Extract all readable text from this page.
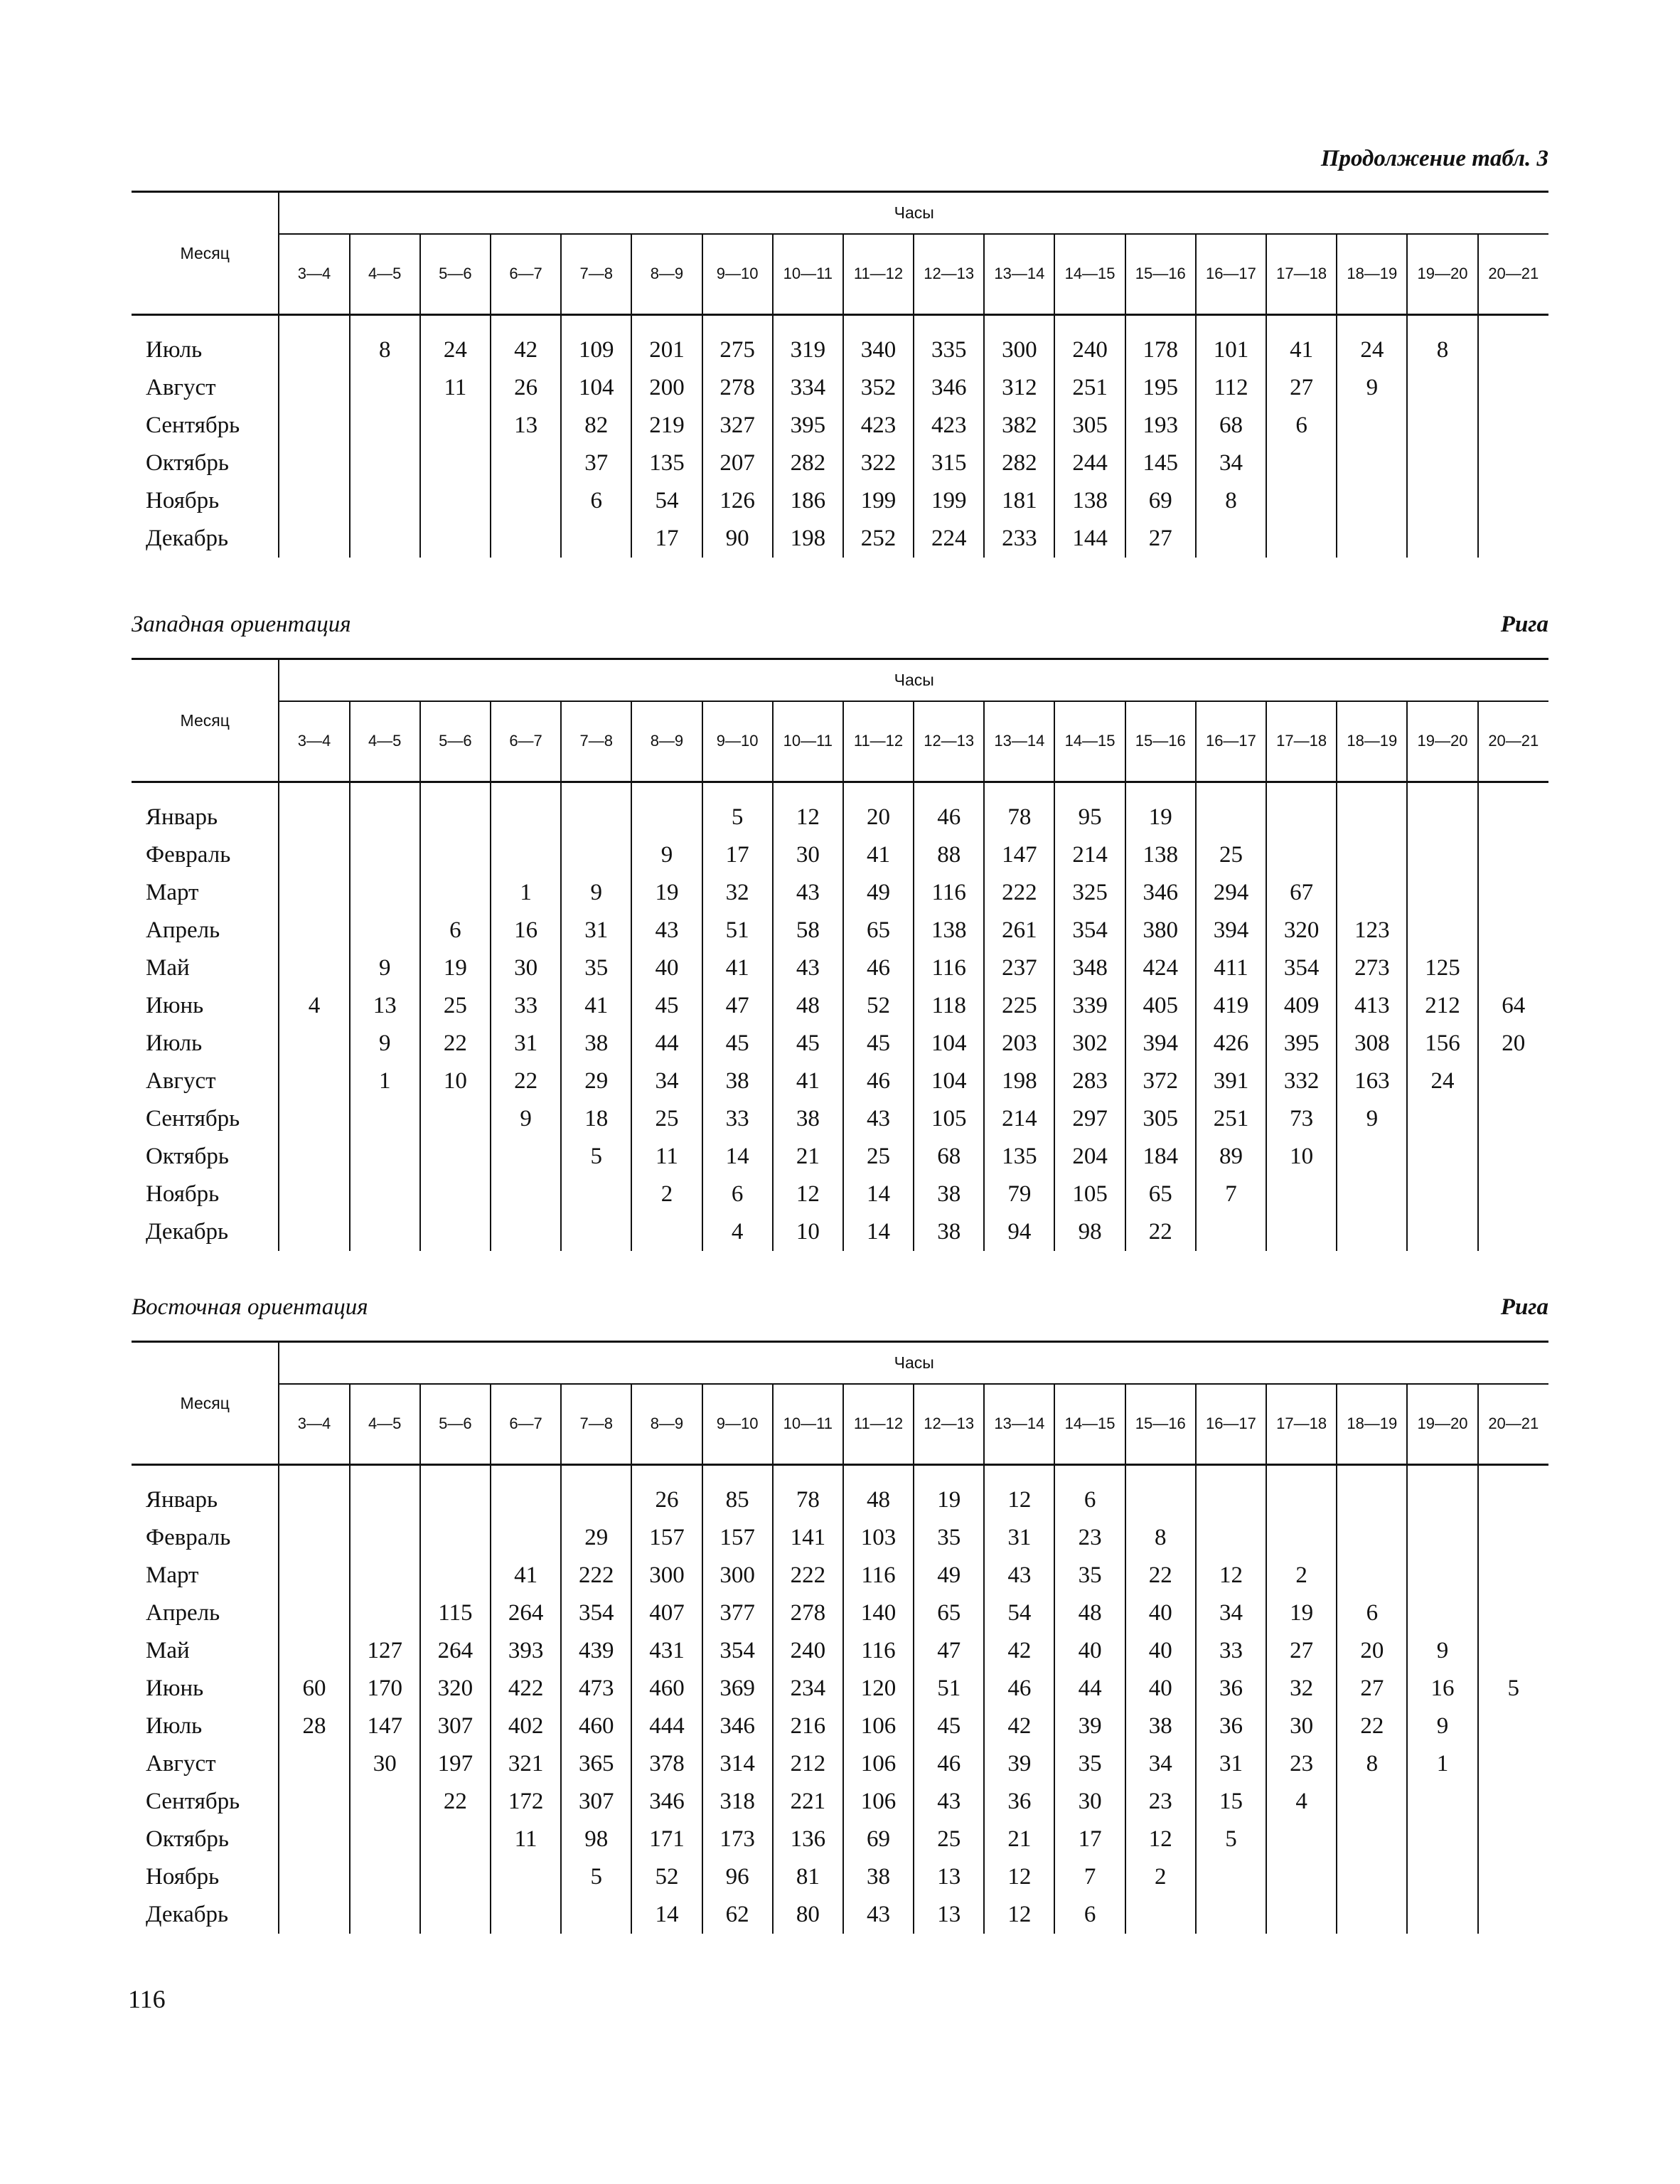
Продолжение табл. 3
Месяц	Часы																	
	3—4	4—5	5—6	6—7	7—8	8—9	9—10	10—11	11—12	12—13	13—14	14—15	15—16	16—17	17—18	18—19	19—20	20—21

Июль		8	24	42	109	201	275	319	340	335	300	240	178	101	41	24	8	
Август			11	26	104	200	278	334	352	346	312	251	195	112	27	9		
Сентябрь				13	82	219	327	395	423	423	382	305	193	68	6			
Октябрь					37	135	207	282	322	315	282	244	145	34				
Ноябрь					6	54	126	186	199	199	181	138	69	8				
Декабрь						17	90	198	252	224	233	144	27					
Западная ориентация	Рига
Месяц	Часы																	
	3—4	4—5	5—6	6—7	7—8	8—9	9—10	10—11	11—12	12—13	13—14	14—15	15—16	16—17	17—18	18—19	19—20	20—21

Январь							5	12	20	46	78	95	19					
Февраль						9	17	30	41	88	147	214	138	25				
Март				1	9	19	32	43	49	116	222	325	346	294	67			
Апрель			6	16	31	43	51	58	65	138	261	354	380	394	320	123		
Май		9	19	30	35	40	41	43	46	116	237	348	424	411	354	273	125	
Июнь	4	13	25	33	41	45	47	48	52	118	225	339	405	419	409	413	212	64
Июль		9	22	31	38	44	45	45	45	104	203	302	394	426	395	308	156	20
Август		1	10	22	29	34	38	41	46	104	198	283	372	391	332	163	24	
Сентябрь				9	18	25	33	38	43	105	214	297	305	251	73	9		
Октябрь					5	11	14	21	25	68	135	204	184	89	10			
Ноябрь						2	6	12	14	38	79	105	65	7				
Декабрь							4	10	14	38	94	98	22					
Восточная ориентация	Рига
Месяц	Часы																	
	3—4	4—5	5—6	6—7	7—8	8—9	9—10	10—11	11—12	12—13	13—14	14—15	15—16	16—17	17—18	18—19	19—20	20—21

Январь						26	85	78	48	19	12	6						
Февраль					29	157	157	141	103	35	31	23	8					
Март				41	222	300	300	222	116	49	43	35	22	12	2			
Апрель			115	264	354	407	377	278	140	65	54	48	40	34	19	6		
Май		127	264	393	439	431	354	240	116	47	42	40	40	33	27	20	9	
Июнь	60	170	320	422	473	460	369	234	120	51	46	44	40	36	32	27	16	5
Июль	28	147	307	402	460	444	346	216	106	45	42	39	38	36	30	22	9	
Август		30	197	321	365	378	314	212	106	46	39	35	34	31	23	8	1	
Сентябрь			22	172	307	346	318	221	106	43	36	30	23	15	4			
Октябрь				11	98	171	173	136	69	25	21	17	12	5				
Ноябрь					5	52	96	81	38	13	12	7	2					
Декабрь						14	62	80	43	13	12	6						
116
